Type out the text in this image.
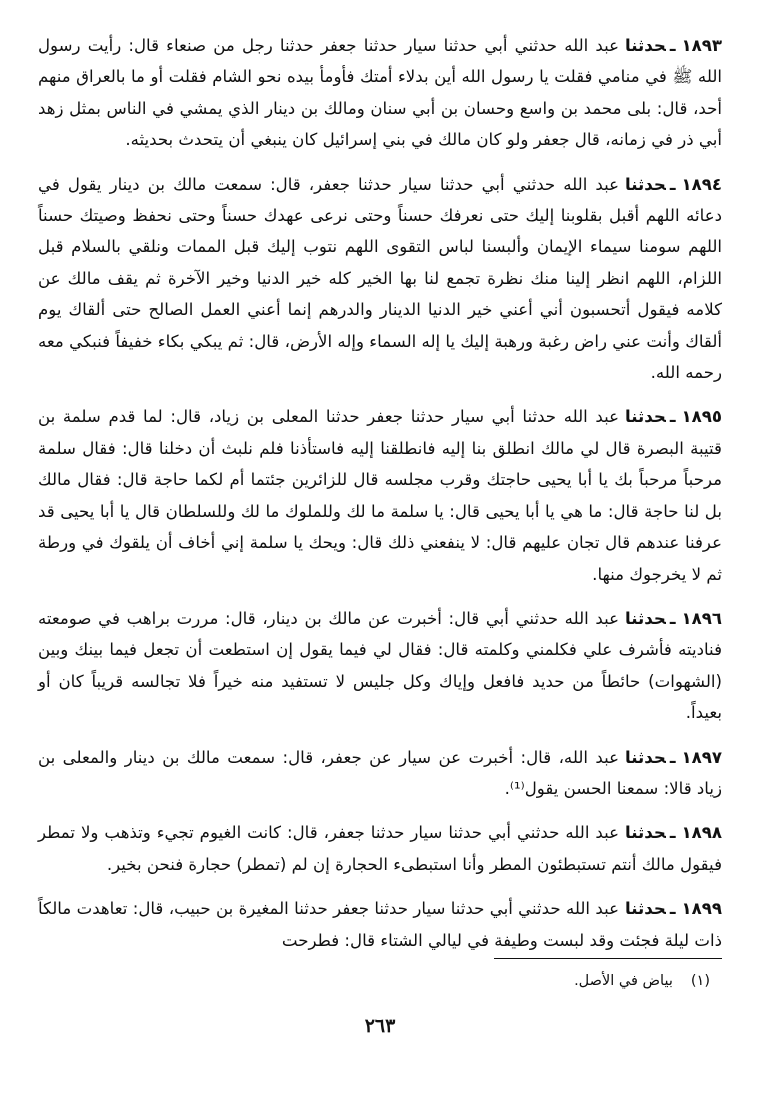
١٨٩٣ـحدثناعبد الله حدثني أبي حدثنا سيار حدثنا جعفر حدثنا رجل من صنعاء قال: رأيت رسول الله ﷺ في منامي فقلت يا رسول الله أين بدلاء أمتك فأومأ بيده نحو الشام فقلت أو ما بالعراق منهم أحد، قال: بلى محمد بن واسع وحسان بن أبي سنان ومالك بن دينار الذي يمشي في الناس بمثل زهد أبي ذر في زمانه، قال جعفر ولو كان مالك في بني إسرائيل كان ينبغي أن يتحدث بحديثه.

١٨٩٤ـحدثناعبد الله حدثني أبي حدثنا سيار حدثنا جعفر، قال: سمعت مالك بن دينار يقول في دعائه اللهم أقبل بقلوبنا إليك حتى نعرفك حسناً وحتى نرعى عهدك حسناً وحتى نحفظ وصيتك حسناً اللهم سومنا سيماء الإيمان وألبسنا لباس التقوى اللهم نتوب إليك قبل الممات ونلقي بالسلام قبل اللزام، اللهم انظر إلينا منك نظرة تجمع لنا بها الخير كله خير الدنيا وخير الآخرة ثم يقف مالك عن كلامه فيقول أتحسبون أني أعني خير الدنيا الدينار والدرهم إنما أعني العمل الصالح حتى ألقاك يوم ألقاك وأنت عني راض رغبة ورهبة إليك يا إله السماء وإله الأرض، قال: ثم يبكي بكاء خفيفاً فنبكي معه رحمه الله.

١٨٩٥ـحدثناعبد الله حدثنا أبي سيار حدثنا جعفر حدثنا المعلى بن زياد، قال: لما قدم سلمة بن قتيبة البصرة قال لي مالك انطلق بنا إليه فانطلقنا إليه فاستأذنا فلم نلبث أن دخلنا قال: فقال سلمة مرحباً مرحباً بك يا أبا يحيى حاجتك وقرب مجلسه قال للزائرين جئتما أم لكما حاجة قال: فقال مالك بل لنا حاجة قال: ما هي يا أبا يحيى قال: يا سلمة ما لك وللملوك ما لك وللسلطان قال يا أبا يحيى قد عرفنا عندهم قال تجان عليهم قال: لا ينفعني ذلك قال: ويحك يا سلمة إني أخاف أن يلقوك في ورطة ثم لا يخرجوك منها.

١٨٩٦ـحدثناعبد الله حدثني أبي قال: أخبرت عن مالك بن دينار، قال: مررت براهب في صومعته فناديته فأشرف علي فكلمني وكلمته قال: فقال لي فيما يقول إن استطعت أن تجعل فيما بينك وبين (الشهوات) حائطاً من حديد فافعل وإياك وكل جليس لا تستفيد منه خيراً فلا تجالسه قريباً كان أو بعيداً.

١٨٩٧ـحدثناعبد الله، قال: أخبرت عن سيار عن جعفر، قال: سمعت مالك بن دينار والمعلى بن زياد قالا: سمعنا الحسن يقول⁽¹⁾.

١٨٩٨ـحدثناعبد الله حدثني أبي حدثنا سيار حدثنا جعفر، قال: كانت الغيوم تجيء وتذهب ولا تمطر فيقول مالك أنتم تستبطئون المطر وأنا استبطىء الحجارة إن لم (تمطر) حجارة فنحن بخير.

١٨٩٩ـحدثناعبد الله حدثني أبي حدثنا سيار حدثنا جعفر حدثنا المغيرة بن حبيب، قال: تعاهدت مالكاً ذات ليلة فجئت وقد لبست وطيفة في ليالي الشتاء قال: فطرحت

(١)بياض في الأصل.
٢٦٣
